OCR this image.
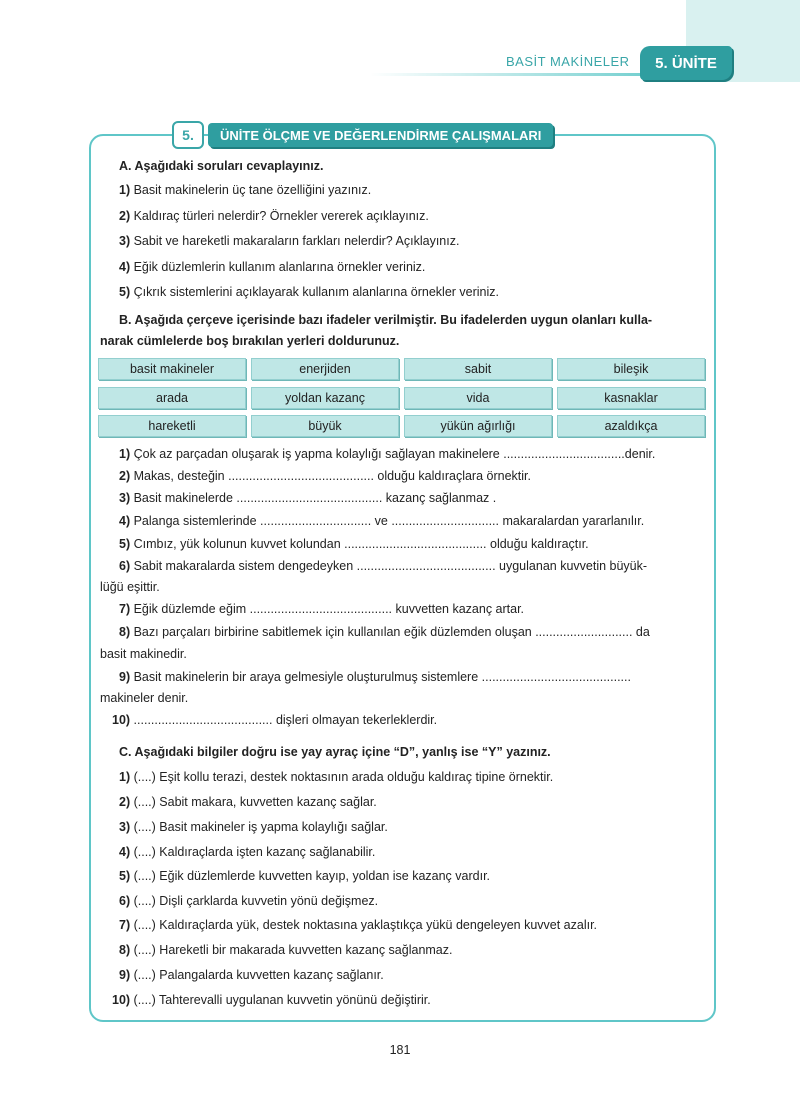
BASİT MAKİNELER	5. ÜNİTE
5.	ÜNİTE ÖLÇME VE DEĞERLENDİRME ÇALIŞMALARI
A. Aşağıdaki soruları cevaplayınız.
1) Basit makinelerin üç tane özelliğini yazınız.
2) Kaldıraç türleri nelerdir? Örnekler vererek açıklayınız.
3) Sabit ve hareketli makaraların farkları nelerdir? Açıklayınız.
4) Eğik düzlemlerin kullanım alanlarına örnekler veriniz.
5) Çıkrık sistemlerini açıklayarak kullanım alanlarına örnekler veriniz.
B. Aşağıda çerçeve içerisinde bazı ifadeler verilmiştir. Bu ifadelerden uygun olanları kulla-
narak cümlelerde boş bırakılan yerleri doldurunuz.
basit makineler	enerjiden	sabit	bileşik
arada	yoldan kazanç	vida	kasnaklar
hareketli	büyük	yükün ağırlığı	azaldıkça
1) Çok az parçadan oluşarak iş yapma kolaylığı sağlayan makinelere ...................................denir.
2) Makas, desteğin .......................................... olduğu kaldıraçlara örnektir.
3) Basit makinelerde .......................................... kazanç sağlanmaz .
4) Palanga sistemlerinde ................................ ve ............................... makaralardan yararlanılır.
5) Cımbız, yük kolunun kuvvet kolundan ......................................... olduğu kaldıraçtır.
6) Sabit makaralarda sistem dengedeyken ........................................ uygulanan kuvvetin büyük-
lüğü eşittir.
7) Eğik düzlemde eğim ......................................... kuvvetten kazanç artar.
8) Bazı parçaları birbirine sabitlemek için kullanılan eğik düzlemden oluşan ............................ da
basit makinedir.
9) Basit makinelerin bir araya gelmesiyle oluşturulmuş sistemlere ...........................................
makineler denir.
10) ........................................ dişleri olmayan tekerleklerdir.
C. Aşağıdaki bilgiler doğru ise yay ayraç içine “D”, yanlış ise “Y” yazınız.
1) (....) Eşit kollu terazi, destek noktasının arada olduğu kaldıraç tipine örnektir.
2) (....) Sabit makara, kuvvetten kazanç sağlar.
3) (....) Basit makineler iş yapma kolaylığı sağlar.
4) (....) Kaldıraçlarda işten kazanç sağlanabilir.
5) (....) Eğik düzlemlerde kuvvetten kayıp, yoldan ise kazanç vardır.
6) (....) Dişli çarklarda kuvvetin yönü değişmez.
7) (....) Kaldıraçlarda yük, destek noktasına yaklaştıkça yükü dengeleyen kuvvet azalır.
8) (....) Hareketli bir makarada kuvvetten kazanç sağlanmaz.
9) (....) Palangalarda kuvvetten kazanç sağlanır.
10) (....) Tahterevalli uygulanan kuvvetin yönünü değiştirir.
181
